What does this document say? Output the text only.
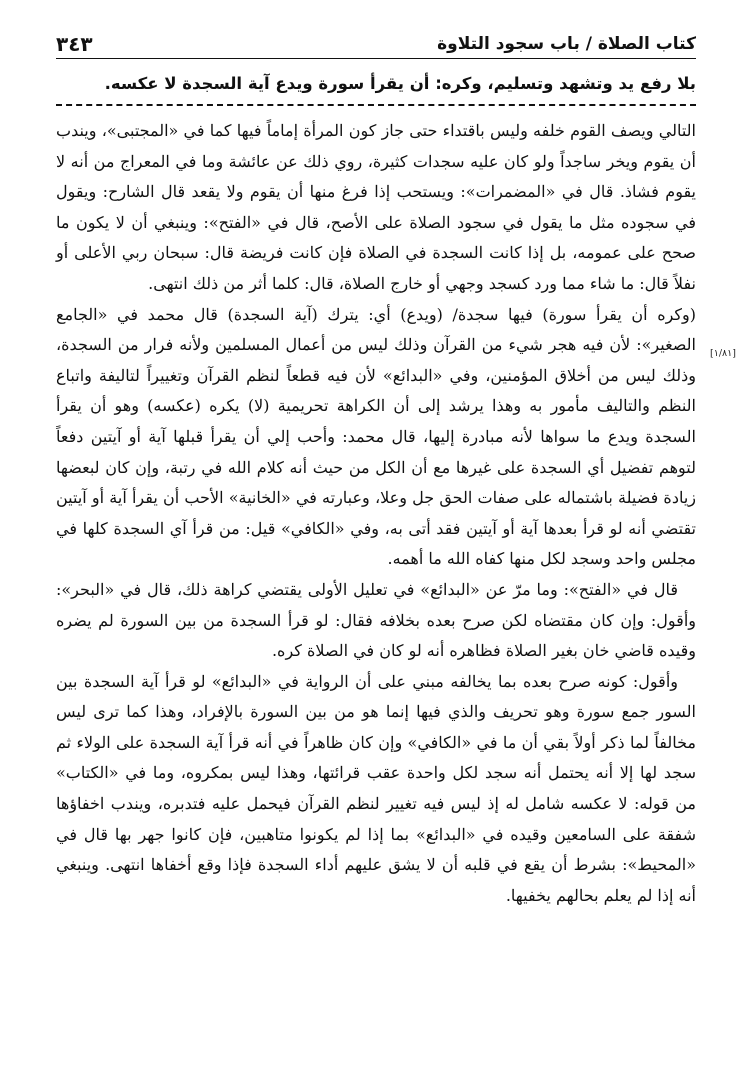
كتاب الصلاة / باب سجود التلاوة
٣٤٣
بلا رفع يد وتشهد وتسليم، وكره: أن يقرأ سورة ويدع آية السجدة لا عكسه.
[١/٨١]

التالي ويصف القوم خلفه وليس باقتداء حتى جاز كون المرأة إماماً فيها كما في «المجتبى»، ويندب أن يقوم ويخر ساجداً ولو كان عليه سجدات كثيرة، روي ذلك عن عائشة وما في المعراج من أنه لا يقوم فشاذ. قال في «المضمرات»: ويستحب إذا فرغ منها أن يقوم ولا يقعد قال الشارح: ويقول في سجوده مثل ما يقول في سجود الصلاة على الأصح، قال في «الفتح»: وينبغي أن لا يكون ما صحح على عمومه، بل إذا كانت السجدة في الصلاة فإن كانت فريضة قال: سبحان ربي الأعلى أو نفلاً قال: ما شاء مما ورد كسجد وجهي أو خارج الصلاة، قال: كلما أثر من ذلك انتهى.

(وكره أن يقرأ سورة) فيها سجدة/ (ويدع) أي: يترك (آية السجدة) قال محمد في «الجامع الصغير»: لأن فيه هجر شيء من القرآن وذلك ليس من أعمال المسلمين ولأنه فرار من السجدة، وذلك ليس من أخلاق المؤمنين، وفي «البدائع» لأن فيه قطعاً لنظم القرآن وتغييراً لتاليفة واتباع النظم والتاليف مأمور به وهذا يرشد إلى أن الكراهة تحريمية (لا) يكره (عكسه) وهو أن يقرأ السجدة ويدع ما سواها لأنه مبادرة إليها، قال محمد: وأحب إلي أن يقرأ قبلها آية أو آيتين دفعاً لتوهم تفضيل أي السجدة على غيرها مع أن الكل من حيث أنه كلام الله في رتبة، وإن كان لبعضها زيادة فضيلة باشتماله على صفات الحق جل وعلا، وعبارته في «الخانية» الأحب أن يقرأ آية أو آيتين تقتضي أنه لو قرأ بعدها آية أو آيتين فقد أتى به، وفي «الكافي» قيل: من قرأ آي السجدة كلها في مجلس واحد وسجد لكل منها كفاه الله ما أهمه.

قال في «الفتح»: وما مرّ عن «البدائع» في تعليل الأولى يقتضي كراهة ذلك، قال في «البحر»: وأقول: وإن كان مقتضاه لكن صرح بعده بخلافه فقال: لو قرأ السجدة من بين السورة لم يضره وقيده قاضي خان بغير الصلاة فظاهره أنه لو كان في الصلاة كره.

وأقول: كونه صرح بعده بما يخالفه مبني على أن الرواية في «البدائع» لو قرأ آية السجدة بين السور جمع سورة وهو تحريف والذي فيها إنما هو من بين السورة بالإفراد، وهذا كما ترى ليس مخالفاً لما ذكر أولاً بقي أن ما في «الكافي» وإن كان ظاهراً في أنه قرأ آية السجدة على الولاء ثم سجد لها إلا أنه يحتمل أنه سجد لكل واحدة عقب قرائتها، وهذا ليس بمكروه، وما في «الكتاب» من قوله: لا عكسه شامل له إذ ليس فيه تغيير لنظم القرآن فيحمل عليه فتدبره، ويندب اخفاؤها شفقة على السامعين وقيده في «البدائع» بما إذا لم يكونوا متاهبين، فإن كانوا جهر بها قال في «المحيط»: بشرط أن يقع في قلبه أن لا يشق عليهم أداء السجدة فإذا وقع أخفاها انتهى. وينبغي أنه إذا لم يعلم بحالهم يخفيها.
